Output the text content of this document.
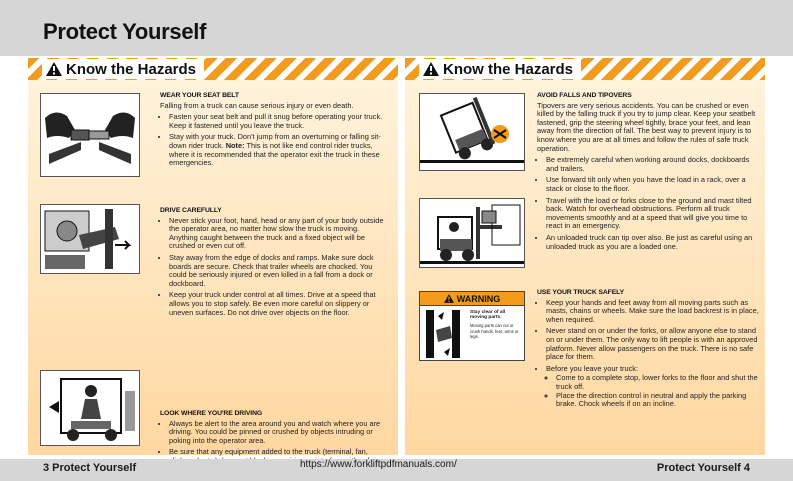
Protect Yourself
Know the Hazards
WEAR YOUR SEAT BELT

Falling from a truck can cause serious injury or even death.

• Fasten your seat belt and pull it snug before operating your truck. Keep it fastened until you leave the truck.
• Stay with your truck. Don't jump from an overturning or falling sit-down rider truck. Note: This is not like end control rider trucks, where it is recommended that the operator exit the truck in these emergencies.
DRIVE CAREFULLY
• Never stick your foot, hand, head or any part of your body outside the operator area, no matter how slow the truck is moving. Anything caught between the truck and a fixed object will be crushed or even cut off.
• Stay away from the edge of docks and ramps. Make sure dock boards are secure. Check that trailer wheels are chocked. You could be seriously injured or even killed in a fall from a dock or dockboard.
• Keep your truck under control at all times. Drive at a speed that allows you to stop safely. Be even more careful on slippery or uneven surfaces. Do not drive over objects on the floor.
LOOK WHERE YOU'RE DRIVING
• Always be alert to the area around you and watch where you are driving. You could be pinned or crushed by objects intruding or poking into the operator area.
• Be sure that any equipment added to the truck (terminal, fan,
Know the Hazards
AVOID FALLS AND TIPOVERS

Tipovers are very serious accidents. You can be crushed or even killed by the falling truck if you try to jump clear. Keep your seatbelt fastened, grip the steering wheel tightly, brace your feet, and lean away from the direction of fall. The best way to prevent injury is to know where you are at all times and follow the rules of safe truck operation.

• Be extremely careful when working around docks, dockboards and trailers.
• Use forward tilt only when you have the load in a rack, over a stack or close to the floor.
• Travel with the load or forks close to the ground and mast tilted back. Watch for overhead obstructions. Perform all truck movements smoothly and at a speed that will give you time to react in an emergency.
• An unloaded truck can tip over also. Be just as careful using an unloaded truck as you are a loaded one.
WARNING
Stay clear of all moving parts.
Moving parts can cut or crush hands, feet, arms or legs.
USE YOUR TRUCK SAFELY
• Keep your hands and feet away from all moving parts such as masts, chains or wheels. Make sure the load backrest is in place, when required.
• Never stand on or under the forks, or allow anyone else to stand on or under them. The only way to lift people is with an approved platform. Never allow passengers on the truck. There is no safe place for them.
• Before you leave your truck:
◦ Come to a complete stop, lower forks to the floor and shut the truck off.
◦ Place the direction control in neutral and apply the parking brake. Chock wheels if on an incline.
3 Protect Yourself	https://www.forkliftpdfmanuals.com/	Protect Yourself 4
